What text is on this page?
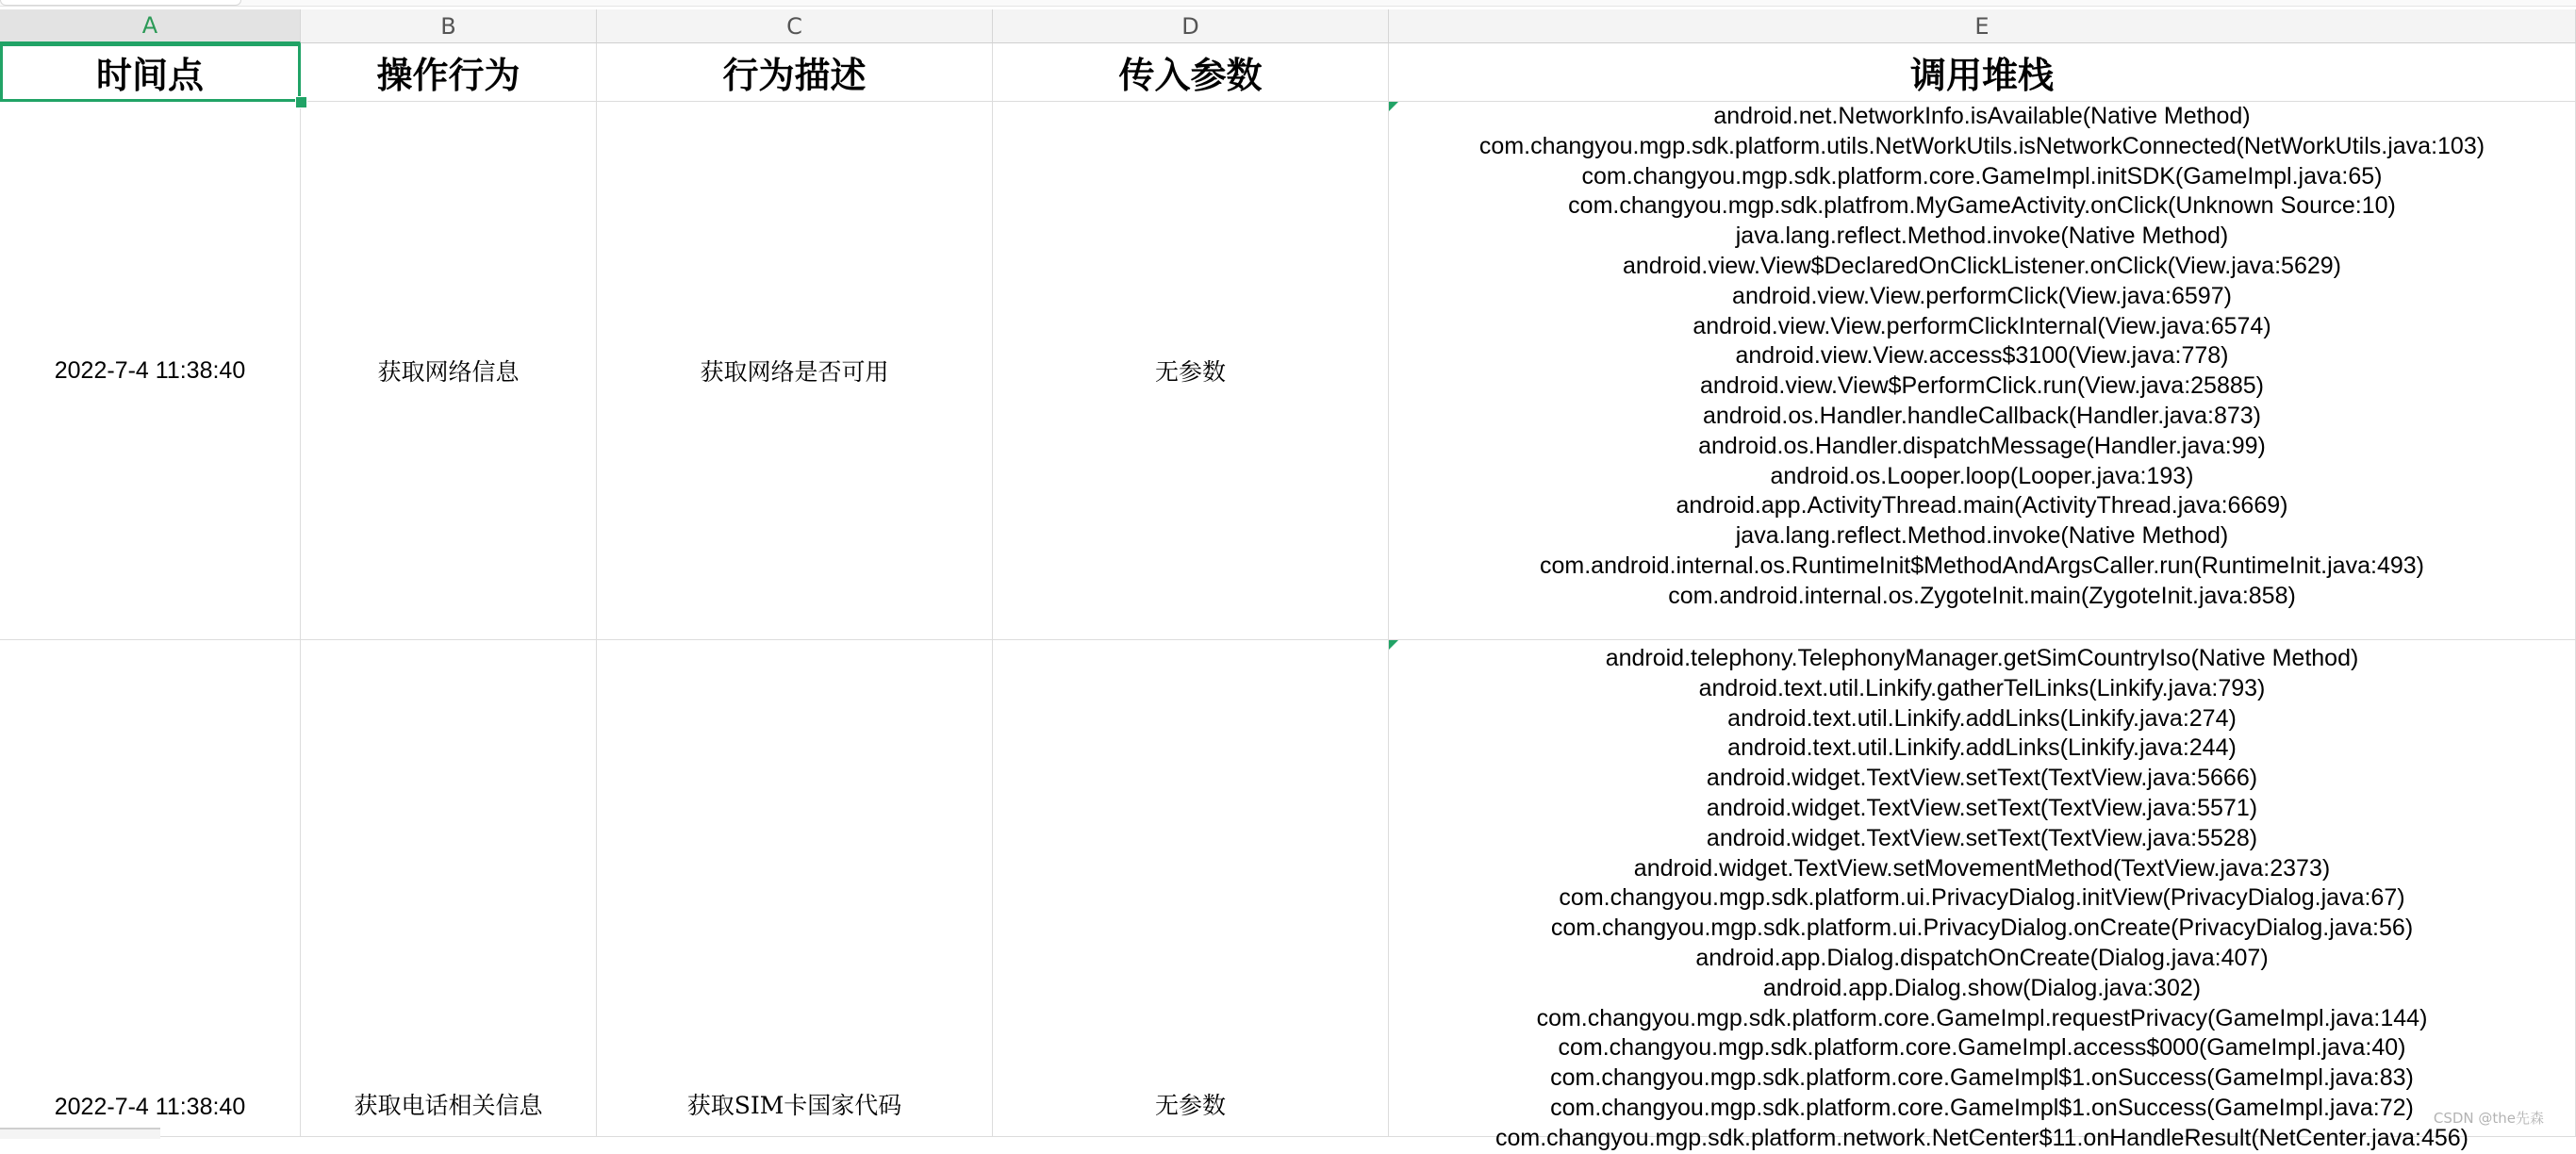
A	B	C	D	E
时间点	操作行为	行为描述	传入参数	调用堆栈
2022-7-4 11:38:40	获取网络信息	获取网络是否可用	无参数
android.net.NetworkInfo.isAvailable(Native Method)
com.changyou.mgp.sdk.platform.utils.NetWorkUtils.isNetworkConnected(NetWorkUtils.java:103)
com.changyou.mgp.sdk.platform.core.GameImpl.initSDK(GameImpl.java:65)
com.changyou.mgp.sdk.platfrom.MyGameActivity.onClick(Unknown Source:10)
java.lang.reflect.Method.invoke(Native Method)
android.view.View$DeclaredOnClickListener.onClick(View.java:5629)
android.view.View.performClick(View.java:6597)
android.view.View.performClickInternal(View.java:6574)
android.view.View.access$3100(View.java:778)
android.view.View$PerformClick.run(View.java:25885)
android.os.Handler.handleCallback(Handler.java:873)
android.os.Handler.dispatchMessage(Handler.java:99)
android.os.Looper.loop(Looper.java:193)
android.app.ActivityThread.main(ActivityThread.java:6669)
java.lang.reflect.Method.invoke(Native Method)
com.android.internal.os.RuntimeInit$MethodAndArgsCaller.run(RuntimeInit.java:493)
com.android.internal.os.ZygoteInit.main(ZygoteInit.java:858)
2022-7-4 11:38:40	获取电话相关信息	获取SIM卡国家代码	无参数
android.telephony.TelephonyManager.getSimCountryIso(Native Method)
android.text.util.Linkify.gatherTelLinks(Linkify.java:793)
android.text.util.Linkify.addLinks(Linkify.java:274)
android.text.util.Linkify.addLinks(Linkify.java:244)
android.widget.TextView.setText(TextView.java:5666)
android.widget.TextView.setText(TextView.java:5571)
android.widget.TextView.setText(TextView.java:5528)
android.widget.TextView.setMovementMethod(TextView.java:2373)
com.changyou.mgp.sdk.platform.ui.PrivacyDialog.initView(PrivacyDialog.java:67)
com.changyou.mgp.sdk.platform.ui.PrivacyDialog.onCreate(PrivacyDialog.java:56)
android.app.Dialog.dispatchOnCreate(Dialog.java:407)
android.app.Dialog.show(Dialog.java:302)
com.changyou.mgp.sdk.platform.core.GameImpl.requestPrivacy(GameImpl.java:144)
com.changyou.mgp.sdk.platform.core.GameImpl.access$000(GameImpl.java:40)
com.changyou.mgp.sdk.platform.core.GameImpl$1.onSuccess(GameImpl.java:83)
com.changyou.mgp.sdk.platform.core.GameImpl$1.onSuccess(GameImpl.java:72)
com.changyou.mgp.sdk.platform.network.NetCenter$11.onHandleResult(NetCenter.java:456)
CSDN @the先森
